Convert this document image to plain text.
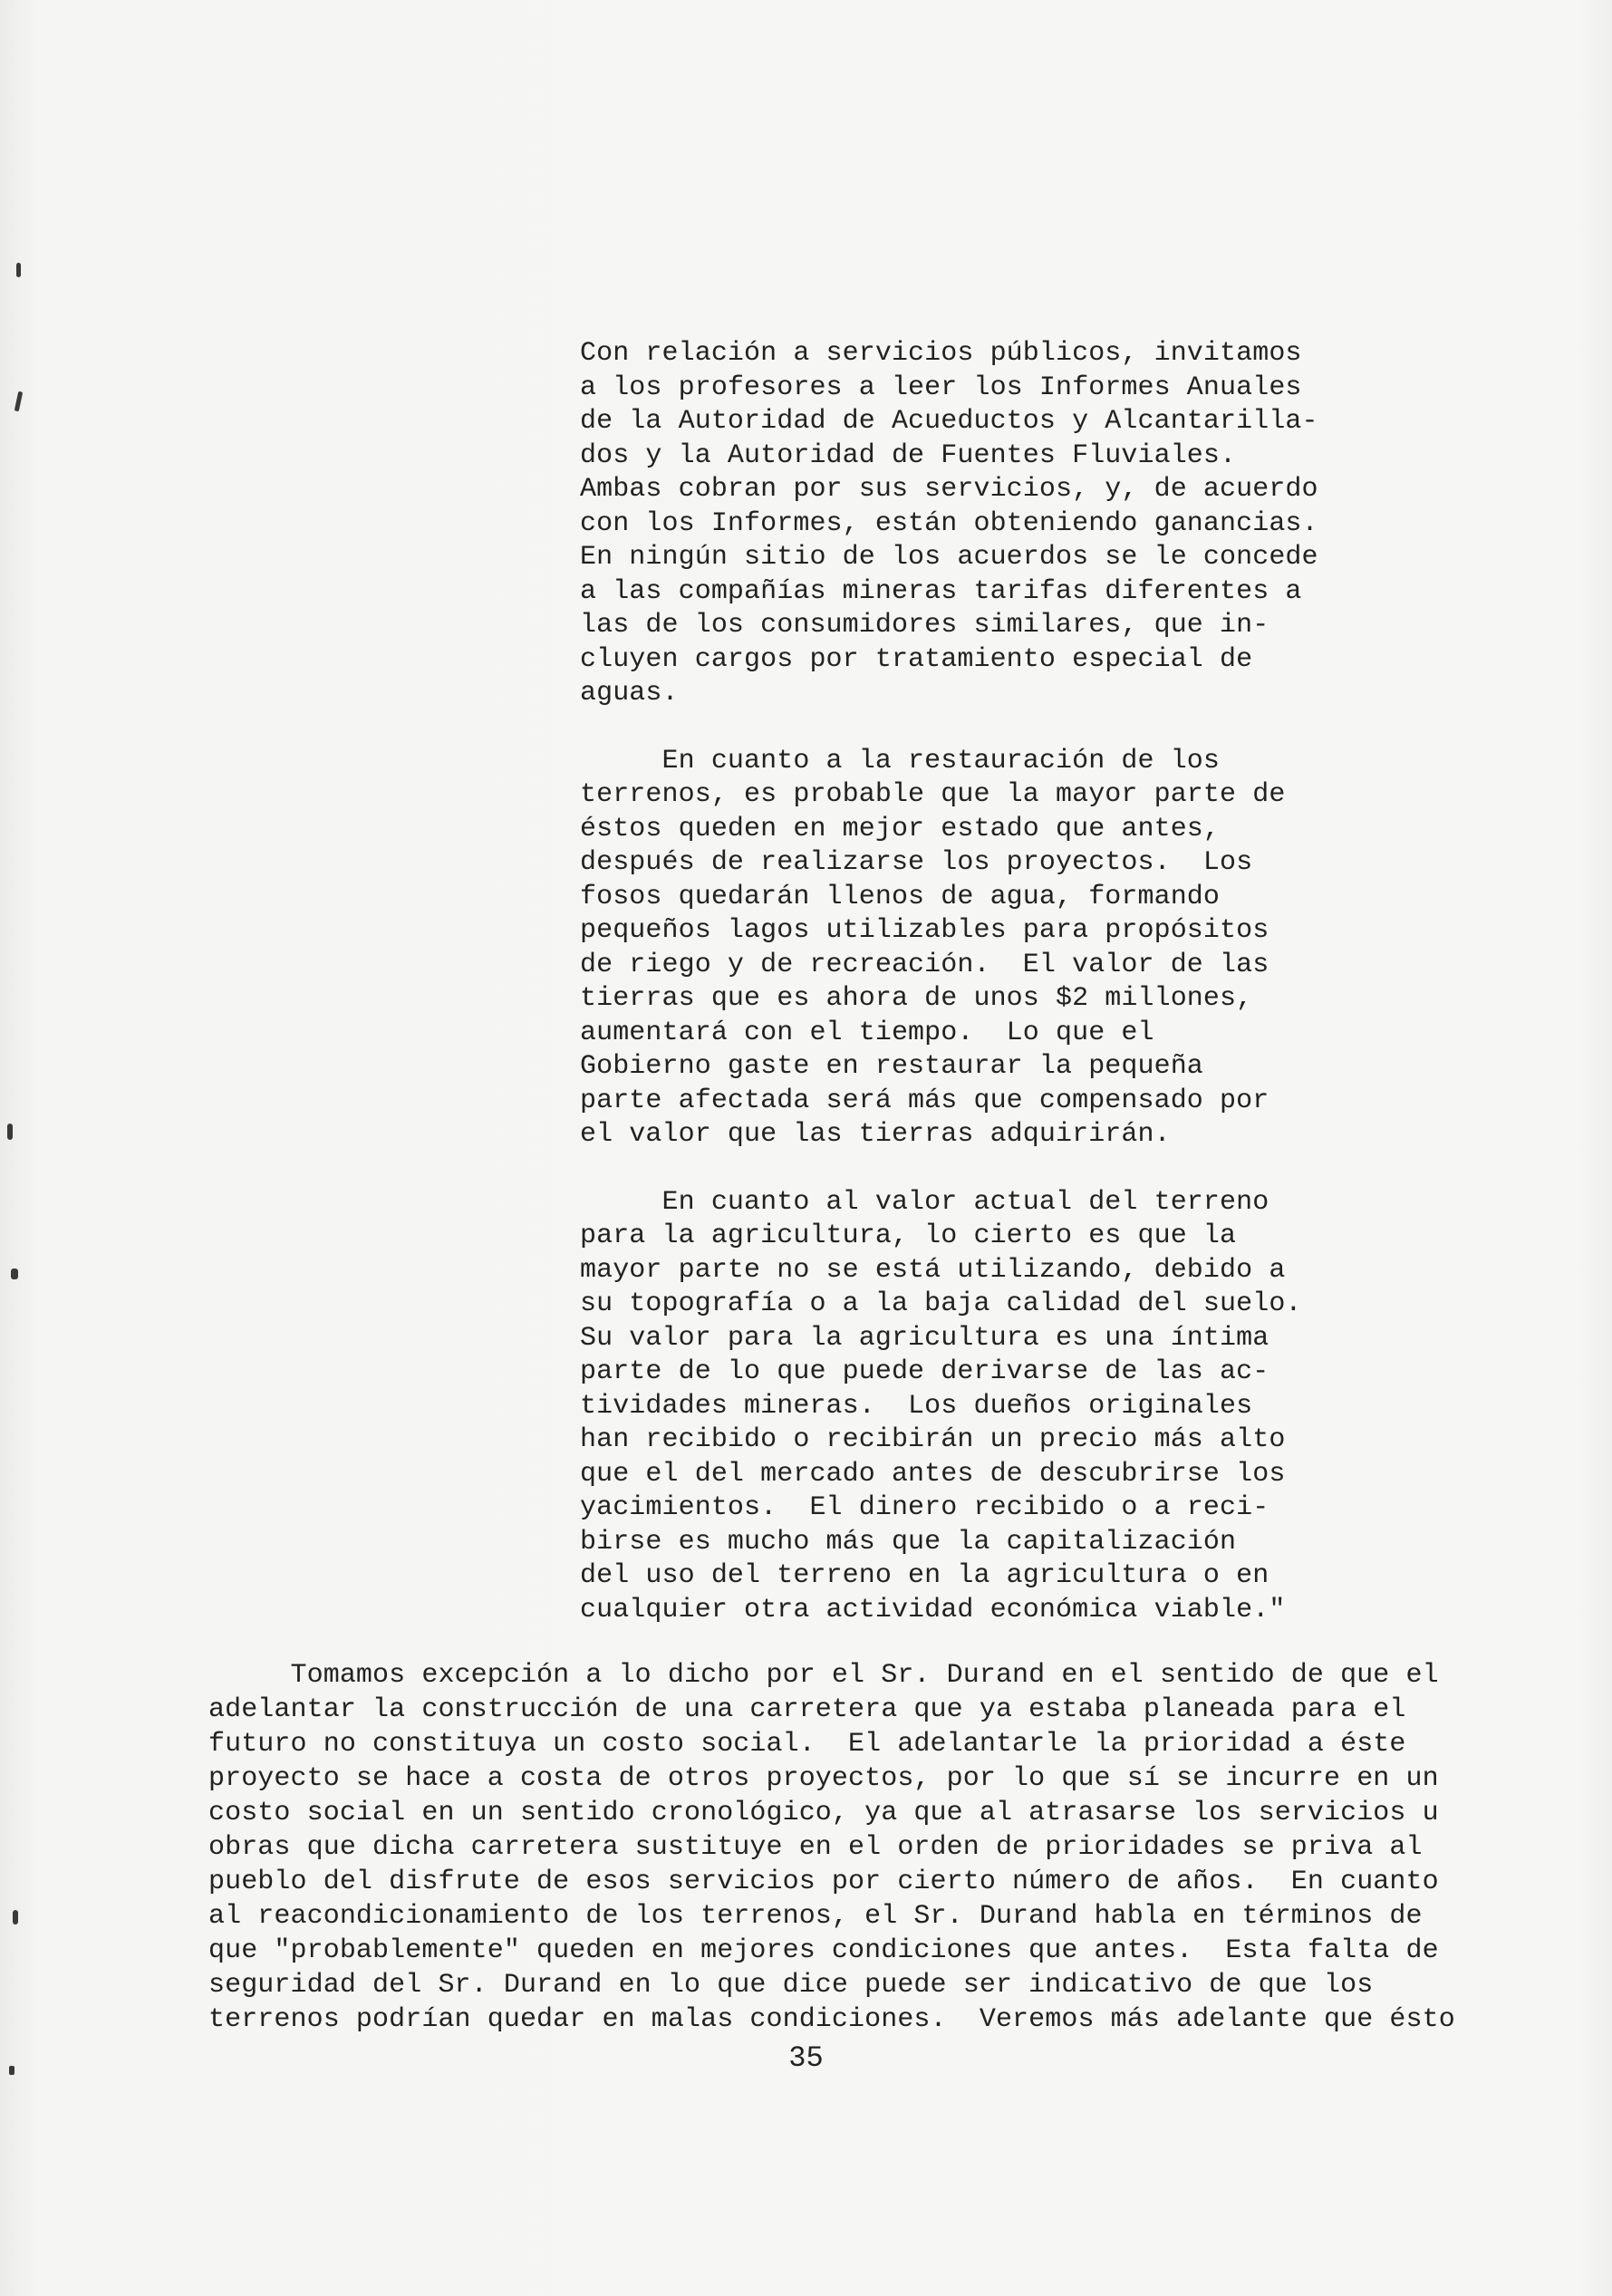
Con relación a servicios públicos, invitamos
a los profesores a leer los Informes Anuales
de la Autoridad de Acueductos y Alcantarilla-
dos y la Autoridad de Fuentes Fluviales.
Ambas cobran por sus servicios, y, de acuerdo
con los Informes, están obteniendo ganancias.
En ningún sitio de los acuerdos se le concede
a las compañías mineras tarifas diferentes a
las de los consumidores similares, que in-
cluyen cargos por tratamiento especial de
aguas.
En cuanto a la restauración de los
terrenos, es probable que la mayor parte de
éstos queden en mejor estado que antes,
después de realizarse los proyectos.  Los
fosos quedarán llenos de agua, formando
pequeños lagos utilizables para propósitos
de riego y de recreación.  El valor de las
tierras que es ahora de unos $2 millones,
aumentará con el tiempo.  Lo que el
Gobierno gaste en restaurar la pequeña
parte afectada será más que compensado por
el valor que las tierras adquirirán.
En cuanto al valor actual del terreno
para la agricultura, lo cierto es que la
mayor parte no se está utilizando, debido a
su topografía o a la baja calidad del suelo.
Su valor para la agricultura es una íntima
parte de lo que puede derivarse de las ac-
tividades mineras.  Los dueños originales
han recibido o recibirán un precio más alto
que el del mercado antes de descubrirse los
yacimientos.  El dinero recibido o a reci-
birse es mucho más que la capitalización
del uso del terreno en la agricultura o en
cualquier otra actividad económica viable."
Tomamos excepción a lo dicho por el Sr. Durand en el sentido de que el
adelantar la construcción de una carretera que ya estaba planeada para el
futuro no constituya un costo social.  El adelantarle la prioridad a éste
proyecto se hace a costa de otros proyectos, por lo que sí se incurre en un
costo social en un sentido cronológico, ya que al atrasarse los servicios u
obras que dicha carretera sustituye en el orden de prioridades se priva al
pueblo del disfrute de esos servicios por cierto número de años.  En cuanto
al reacondicionamiento de los terrenos, el Sr. Durand habla en términos de
que "probablemente" queden en mejores condiciones que antes.  Esta falta de
seguridad del Sr. Durand en lo que dice puede ser indicativo de que los
terrenos podrían quedar en malas condiciones.  Veremos más adelante que ésto
35
